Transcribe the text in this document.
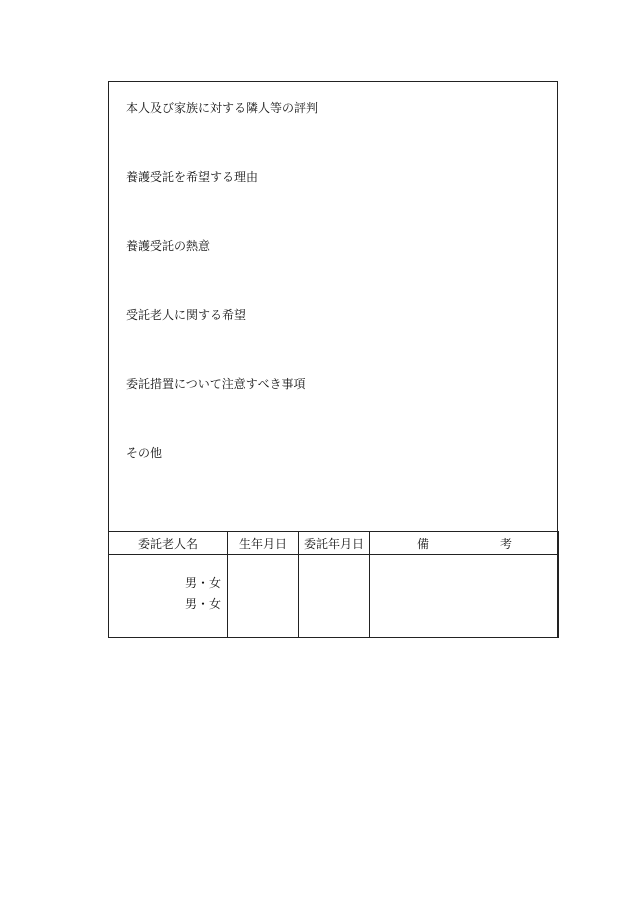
本人及び家族に対する隣人等の評判
養護受託を希望する理由
養護受託の熱意
受託老人に関する希望
委託措置について注意すべき事項
その他
委託老人名	生年月日	委託年月日	備 考

男・女
男・女			
